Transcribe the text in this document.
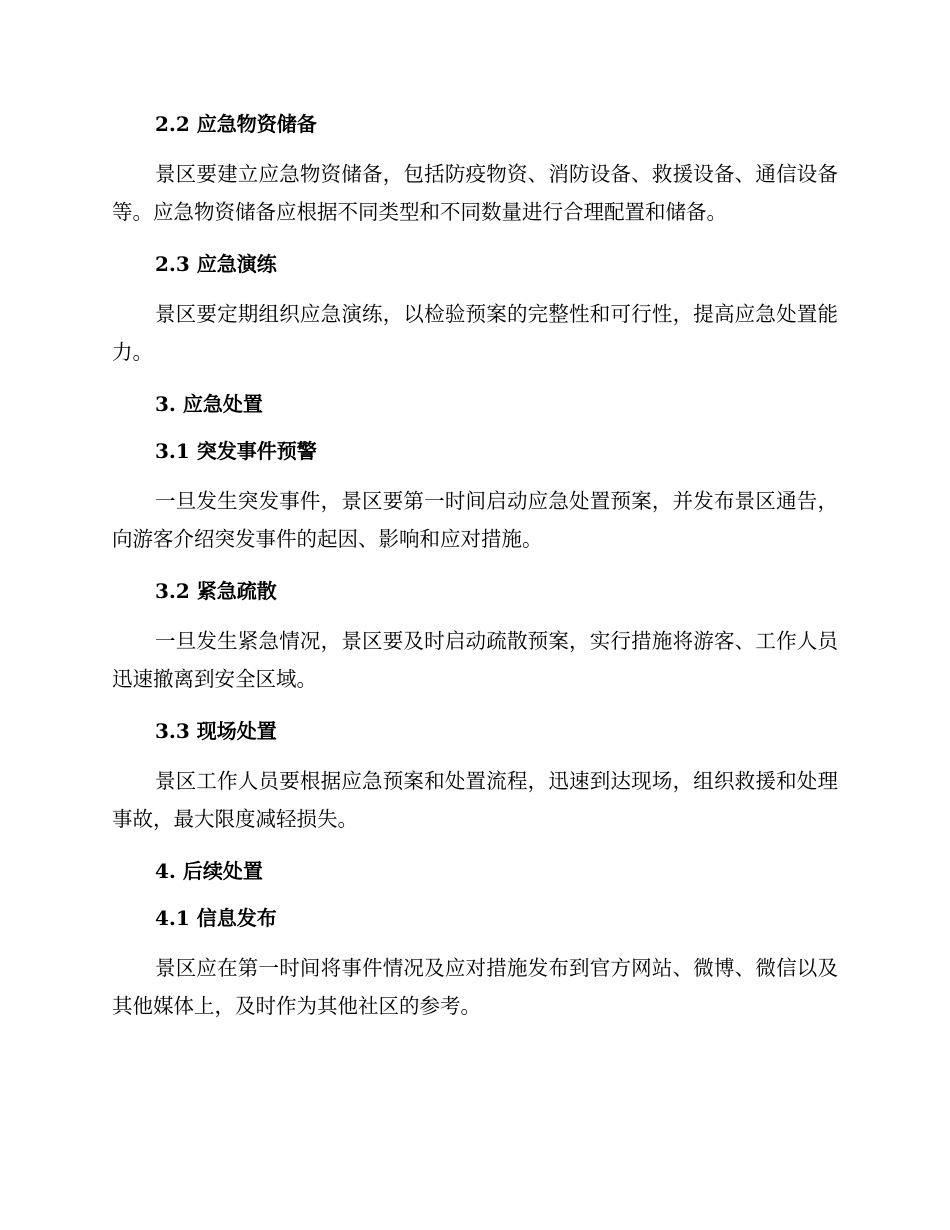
2.2 应急物资储备

景区要建立应急物资储备，包括防疫物资、消防设备、救援设备、通信设备等。应急物资储备应根据不同类型和不同数量进行合理配置和储备。

2.3 应急演练

景区要定期组织应急演练，以检验预案的完整性和可行性，提高应急处置能力。

3. 应急处置
3.1 突发事件预警

一旦发生突发事件，景区要第一时间启动应急处置预案，并发布景区通告，向游客介绍突发事件的起因、影响和应对措施。

3.2 紧急疏散

一旦发生紧急情况，景区要及时启动疏散预案，实行措施将游客、工作人员迅速撤离到安全区域。

3.3 现场处置

景区工作人员要根据应急预案和处置流程，迅速到达现场，组织救援和处理事故，最大限度减轻损失。

4. 后续处置
4.1 信息发布

景区应在第一时间将事件情况及应对措施发布到官方网站、微博、微信以及其他媒体上，及时作为其他社区的参考。
